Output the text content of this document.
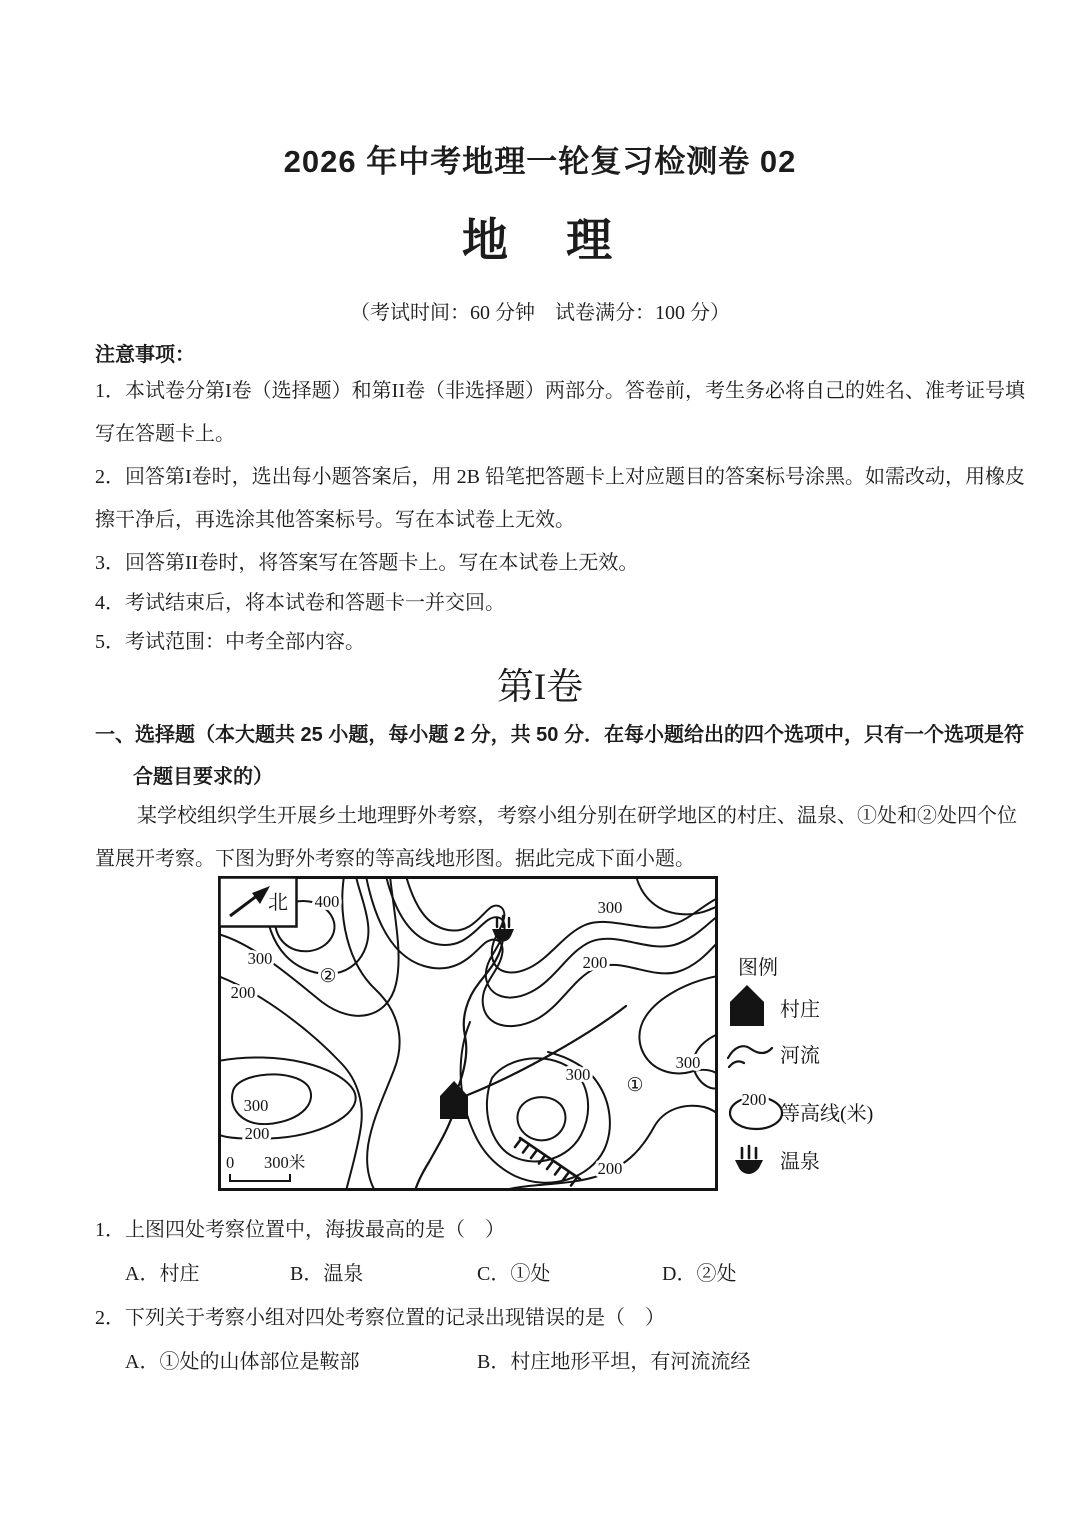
2026 年中考地理一轮复习检测卷 02
地　理
（考试时间：60 分钟　试卷满分：100 分）
注意事项：
1．本试卷分第I卷（选择题）和第II卷（非选择题）两部分。答卷前，考生务必将自己的姓名、准考证号填
写在答题卡上。
2．回答第I卷时，选出每小题答案后，用 2B 铅笔把答题卡上对应题目的答案标号涂黑。如需改动，用橡皮
擦干净后，再选涂其他答案标号。写在本试卷上无效。
3．回答第II卷时，将答案写在答题卡上。写在本试卷上无效。
4．考试结束后，将本试卷和答题卡一并交回。
5．考试范围：中考全部内容。
第I卷
一、选择题（本大题共 25 小题，每小题 2 分，共 50 分．在每小题给出的四个选项中，只有一个选项是符
合题目要求的）
某学校组织学生开展乡土地理野外考察，考察小组分别在研学地区的村庄、温泉、①处和②处四个位
置展开考察。下图为野外考察的等高线地形图。据此完成下面小题。
400
300
200
300
200
300
200
300
300
200
②
①
北
0 300米
图例
村庄
河流
200
等高线(米)
温泉
1．上图四处考察位置中，海拔最高的是（　）
A．村庄	B．温泉	C．①处	D．②处
2．下列关于考察小组对四处考察位置的记录出现错误的是（　）
A．①处的山体部位是鞍部	B．村庄地形平坦，有河流流经
